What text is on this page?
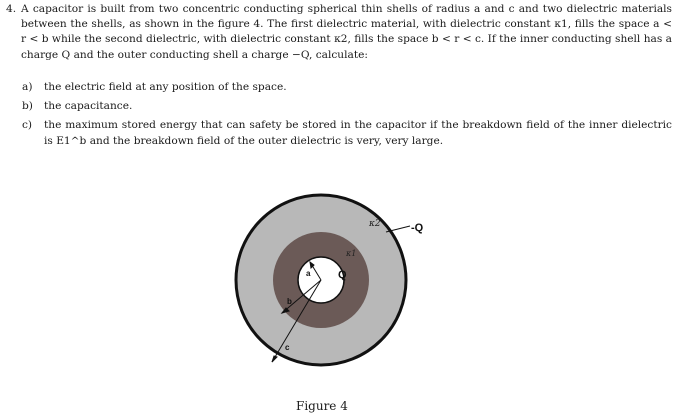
4. A capacitor is built from two concentric conducting spherical thin shells of radius a and c and two dielectric materials between the shells, as shown in the figure 4. The first dielectric material, with dielectric constant κ1, fills the space a < r < b while the second dielectric, with dielectric constant κ2, fills the space b < r < c. If the inner conducting shell has a charge Q and the outer conducting shell a charge −Q, calculate:
a) the electric field at any position of the space.
b) the capacitance.
c) the maximum stored energy that can safety be stored in the capacitor if the breakdown field of the inner dielectric is E1^b and the breakdown field of the outer dielectric is very, very large.
κ2
κ1
-Q
Q
a
b
c
Figure 4
